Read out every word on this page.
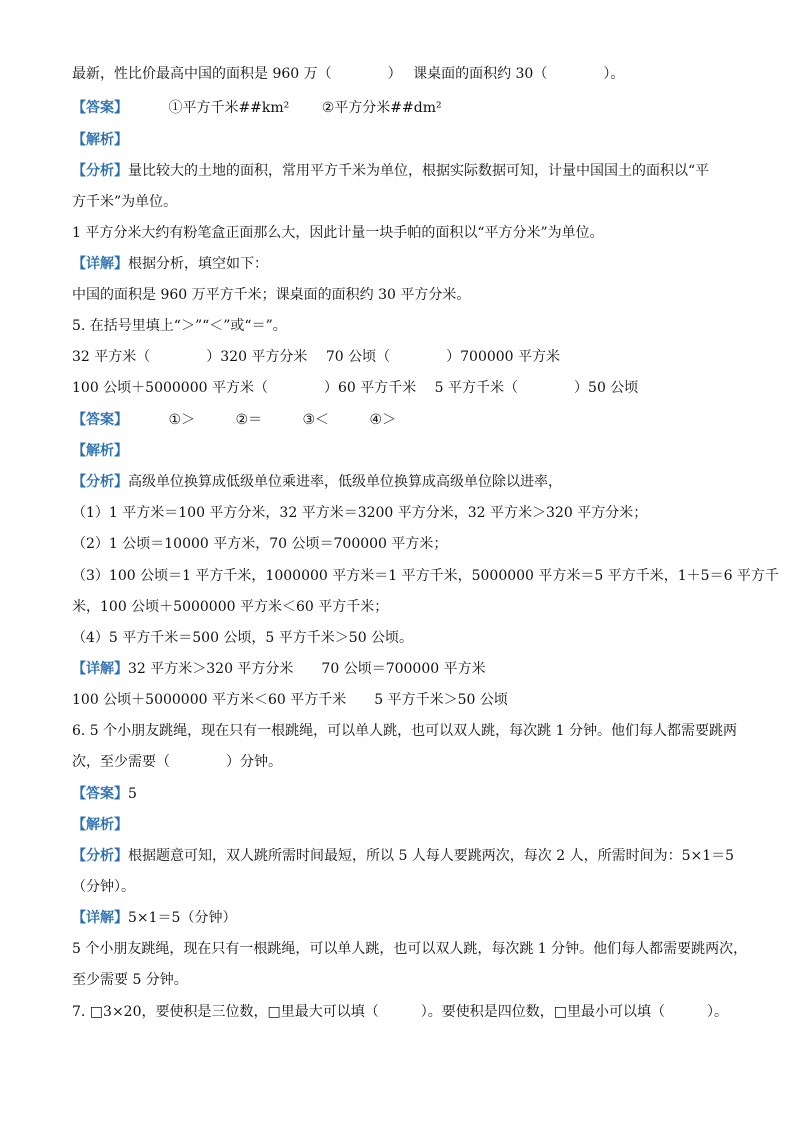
最新，性比价最高中国的面积是 960 万（　　　　）　 课桌面的面积约 30（　　　　）。
【答案】	①平方千米##km² ②平方分米##dm²
【解析】
【分析】量比较大的土地的面积，常用平方千米为单位，根据实际数据可知，计量中国国土的面积以“平
方千米”为单位。
1 平方分米大约有粉笔盒正面那么大，因此计量一块手帕的面积以“平方分米”为单位。
【详解】根据分析，填空如下：
中国的面积是 960 万平方千米；课桌面的面积约 30 平方分米。
5. 在括号里填上“＞”“＜”或“＝”。
32 平方米（　　　　）320 平方分米　 70 公顷（　　　　）700000 平方米
100 公顷＋5000000 平方米（　　　　）60 平方千米　 5 平方千米（　　　　）50 公顷
【答案】	①＞	②＝	③＜	④＞
【解析】
【分析】高级单位换算成低级单位乘进率，低级单位换算成高级单位除以进率，
（1）1 平方米＝100 平方分米，32 平方米＝3200 平方分米，32 平方米＞320 平方分米；
（2）1 公顷＝10000 平方米，70 公顷＝700000 平方米；
（3）100 公顷＝1 平方千米，1000000 平方米＝1 平方千米，5000000 平方米＝5 平方千米，1＋5＝6 平方千
米，100 公顷＋5000000 平方米＜60 平方千米；
（4）5 平方千米＝500 公顷，5 平方千米＞50 公顷。
【详解】32 平方米＞320 平方分米　　70 公顷＝700000 平方米
100 公顷＋5000000 平方米＜60 平方千米　　5 平方千米＞50 公顷
6. 5 个小朋友跳绳，现在只有一根跳绳，可以单人跳，也可以双人跳，每次跳 1 分钟。他们每人都需要跳两
次，至少需要（　　　　）分钟。
【答案】5
【解析】
【分析】根据题意可知，双人跳所需时间最短，所以 5 人每人要跳两次，每次 2 人，所需时间为：5×1＝5
（分钟）。
【详解】5×1＝5（分钟）
5 个小朋友跳绳，现在只有一根跳绳，可以单人跳，也可以双人跳，每次跳 1 分钟。他们每人都需要跳两次，
至少需要 5 分钟。
7. □3×20，要使积是三位数，□里最大可以填（　　　）。要使积是四位数，□里最小可以填（　　　）。
